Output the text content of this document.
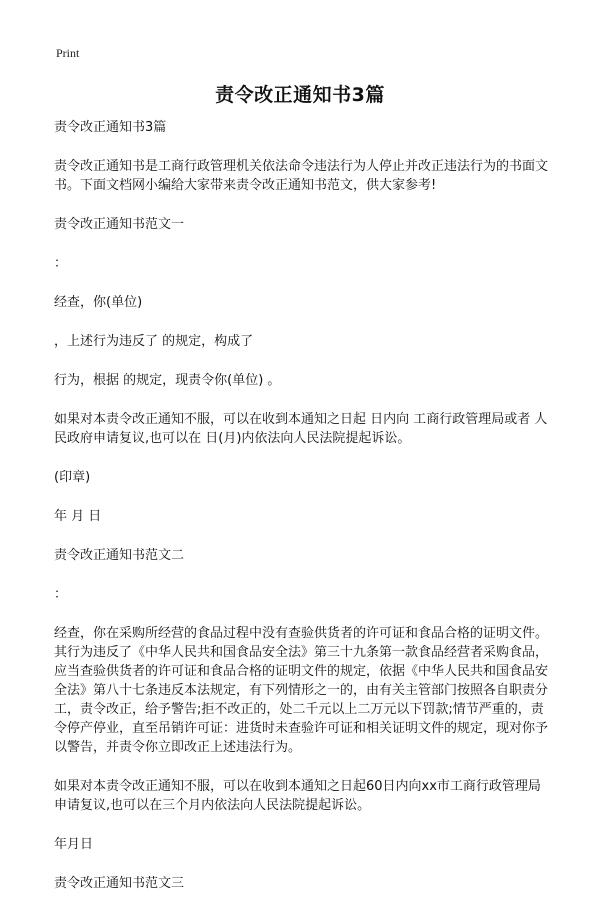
Print
责令改正通知书3篇

责令改正通知书3篇

责令改正通知书是工商行政管理机关依法命令违法行为人停止并改正违法行为的书面文书。下面文档网小编给大家带来责令改正通知书范文，供大家参考!

责令改正通知书范文一

：

经查，你(单位)

，上述行为违反了 的规定，构成了

行为，根据 的规定，现责令你(单位) 。

如果对本责令改正通知不服，可以在收到本通知之日起 日内向 工商行政管理局或者 人民政府申请复议,也可以在 日(月)内依法向人民法院提起诉讼。

(印章)

年 月 日

责令改正通知书范文二

：

经查，你在采购所经营的食品过程中没有查验供货者的许可证和食品合格的证明文件。其行为违反了《中华人民共和国食品安全法》第三十九条第一款食品经营者采购食品，应当查验供货者的许可证和食品合格的证明文件的规定，依据《中华人民共和国食品安全法》第八十七条违反本法规定，有下列情形之一的，由有关主管部门按照各自职责分工，责令改正，给予警告;拒不改正的，处二千元以上二万元以下罚款;情节严重的，责令停产停业，直至吊销许可证：进货时未查验许可证和相关证明文件的规定，现对你予以警告，并责令你立即改正上述违法行为。

如果对本责令改正通知不服，可以在收到本通知之日起60日内向xx市工商行政管理局申请复议,也可以在三个月内依法向人民法院提起诉讼。

年月日

责令改正通知书范文三
